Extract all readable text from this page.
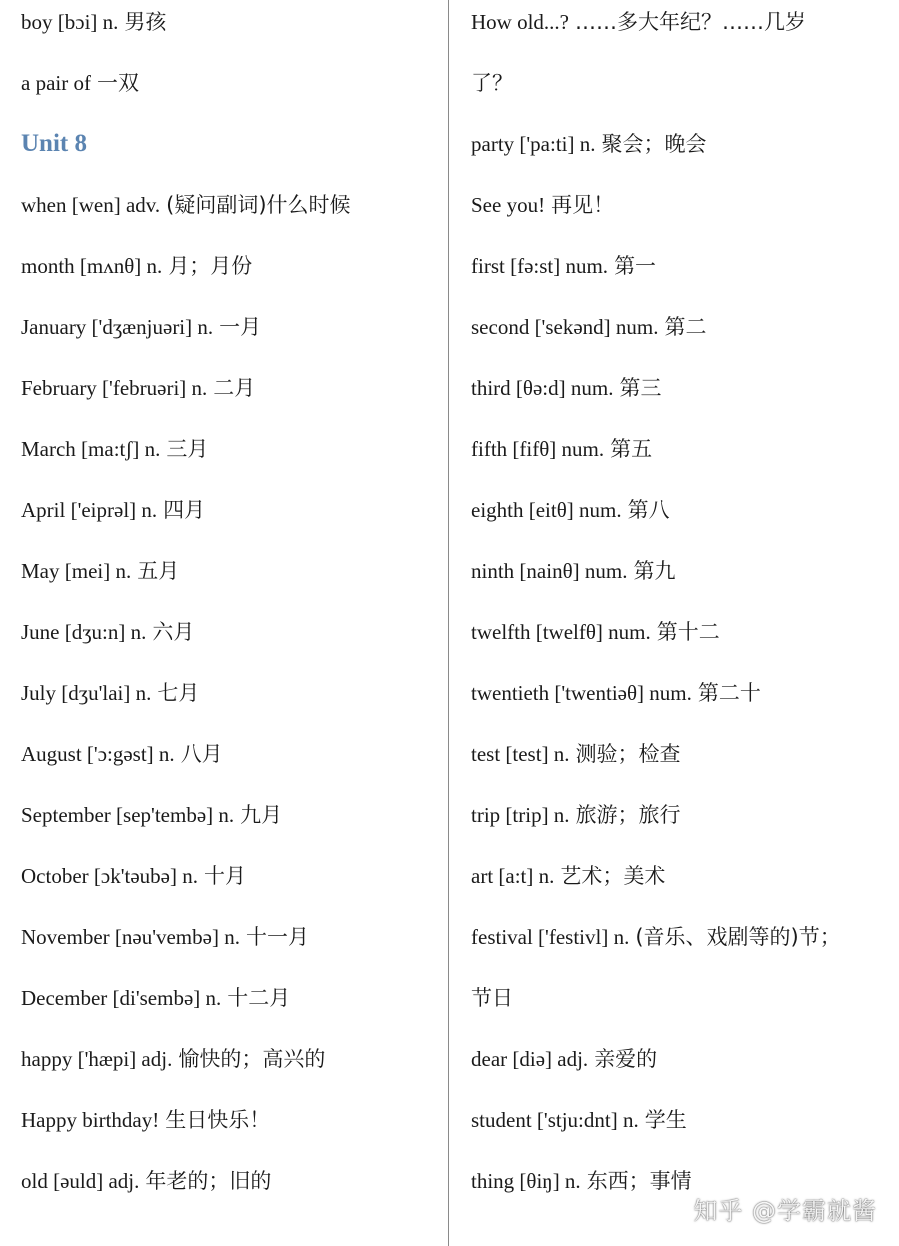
boy [bɔi] n. 男孩
a pair of 一双
Unit 8
when [wen] adv. (疑问副词)什么时候
month [mʌnθ] n. 月；月份
January ['dʒænjuəri] n. 一月
February ['februəri] n. 二月
March [ma:tʃ] n. 三月
April ['eiprəl] n. 四月
May [mei] n. 五月
June [dʒu:n] n. 六月
July [dʒu'lai] n. 七月
August ['ɔ:gəst] n. 八月
September [sep'tembə] n. 九月
October [ɔk'təubə] n. 十月
November [nəu'vembə] n. 十一月
December [di'sembə] n. 十二月
happy ['hæpi] adj. 愉快的；高兴的
Happy birthday! 生日快乐！
old [əuld] adj. 年老的；旧的
How old...? ……多大年纪？……几岁
了？
party ['pa:ti] n. 聚会；晚会
See you! 再见！
first [fə:st] num. 第一
second ['sekənd] num. 第二
third [θə:d] num. 第三
fifth [fifθ] num. 第五
eighth [eitθ] num. 第八
ninth [nainθ] num. 第九
twelfth [twelfθ] num. 第十二
twentieth ['twentiəθ] num. 第二十
test [test] n. 测验；检查
trip [trip] n. 旅游；旅行
art [a:t] n. 艺术；美术
festival ['festivl] n. (音乐、戏剧等的)节；
节日
dear [diə] adj. 亲爱的
student ['stju:dnt] n. 学生
thing [θiŋ] n. 东西；事情
知乎 @学霸就酱
